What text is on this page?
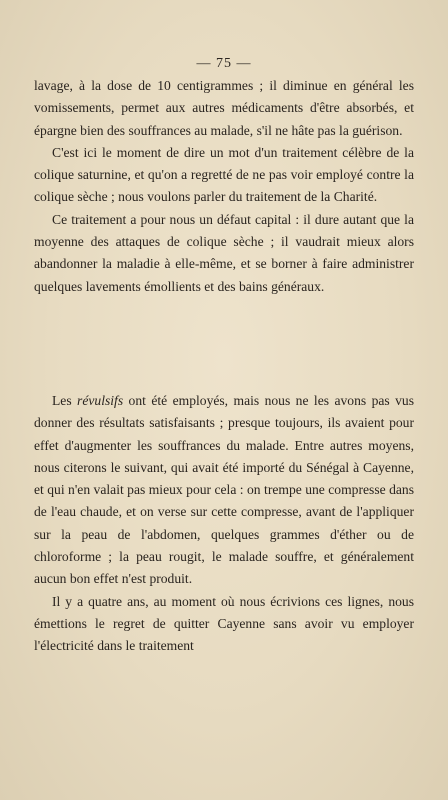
— 75 —

lavage, à la dose de 10 centigrammes ; il diminue en général les vomissements, permet aux autres médicaments d'être absorbés, et épargne bien des souffrances au malade, s'il ne hâte pas la guérison.

C'est ici le moment de dire un mot d'un traitement célèbre de la colique saturnine, et qu'on a regretté de ne pas voir employé contre la colique sèche ; nous voulons parler du traitement de la Charité.

Ce traitement a pour nous un défaut capital : il dure autant que la moyenne des attaques de colique sèche ; il vaudrait mieux alors abandonner la maladie à elle-même, et se borner à faire administrer quelques lavements émollients et des bains généraux.

Les révulsifs ont été employés, mais nous ne les avons pas vus donner des résultats satisfaisants ; presque toujours, ils avaient pour effet d'augmenter les souffrances du malade. Entre autres moyens, nous citerons le suivant, qui avait été importé du Sénégal à Cayenne, et qui n'en valait pas mieux pour cela : on trempe une compresse dans de l'eau chaude, et on verse sur cette compresse, avant de l'appliquer sur la peau de l'abdomen, quelques grammes d'éther ou de chloroforme ; la peau rougit, le malade souffre, et généralement aucun bon effet n'est produit.

Il y a quatre ans, au moment où nous écrivions ces lignes, nous émettions le regret de quitter Cayenne sans avoir vu employer l'électricité dans le traitement
